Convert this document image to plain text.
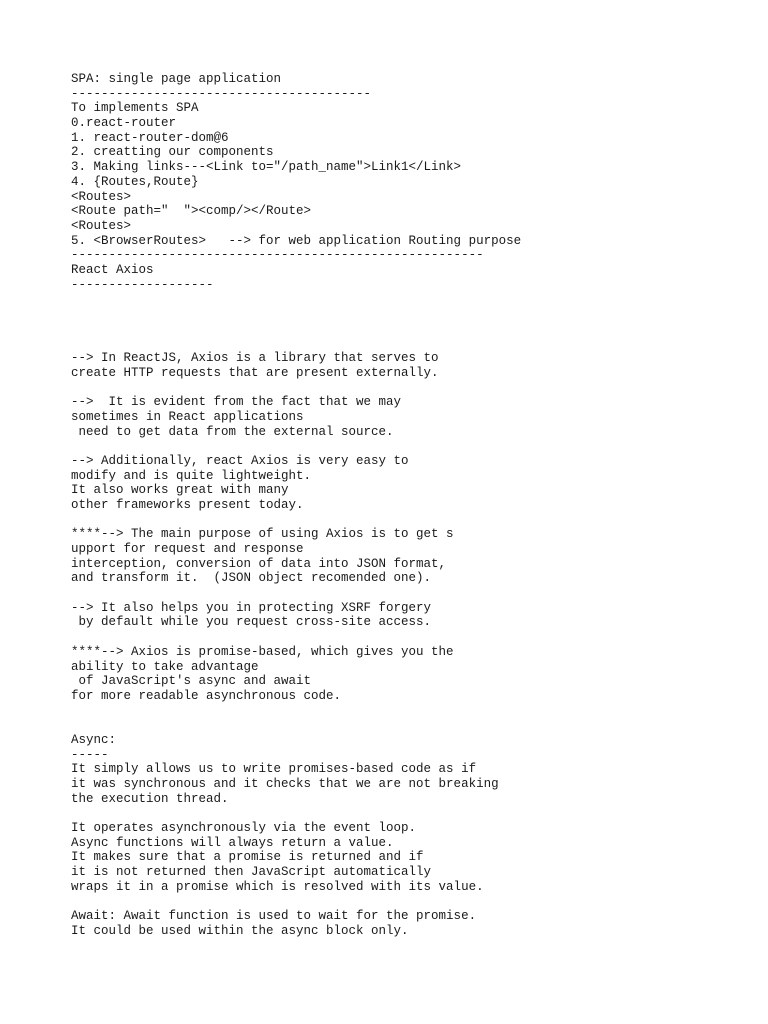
SPA: single page application
----------------------------------------
To implements SPA
0.react-router
1. react-router-dom@6
2. creatting our components
3. Making links---<Link to="/path_name">Link1</Link>
4. {Routes,Route}
<Routes>
<Route path="  "><comp/></Route>
<Routes>
5. <BrowserRoutes>   --> for web application Routing purpose
-------------------------------------------------------
React Axios
-------------------
--> In ReactJS, Axios is a library that serves to
create HTTP requests that are present externally.
-->  It is evident from the fact that we may
sometimes in React applications
need to get data from the external source.
--> Additionally, react Axios is very easy to
modify and is quite lightweight.
It also works great with many
other frameworks present today.
****--> The main purpose of using Axios is to get s
upport for request and response
interception, conversion of data into JSON format,
and transform it.  (JSON object recomended one).
--> It also helps you in protecting XSRF forgery
by default while you request cross-site access.
****--> Axios is promise-based, which gives you the
ability to take advantage
of JavaScript's async and await
for more readable asynchronous code.
Async:
-----
It simply allows us to write promises-based code as if
it was synchronous and it checks that we are not breaking
the execution thread.
It operates asynchronously via the event loop.
Async functions will always return a value.
It makes sure that a promise is returned and if
it is not returned then JavaScript automatically
wraps it in a promise which is resolved with its value.
Await: Await function is used to wait for the promise.
It could be used within the async block only.
